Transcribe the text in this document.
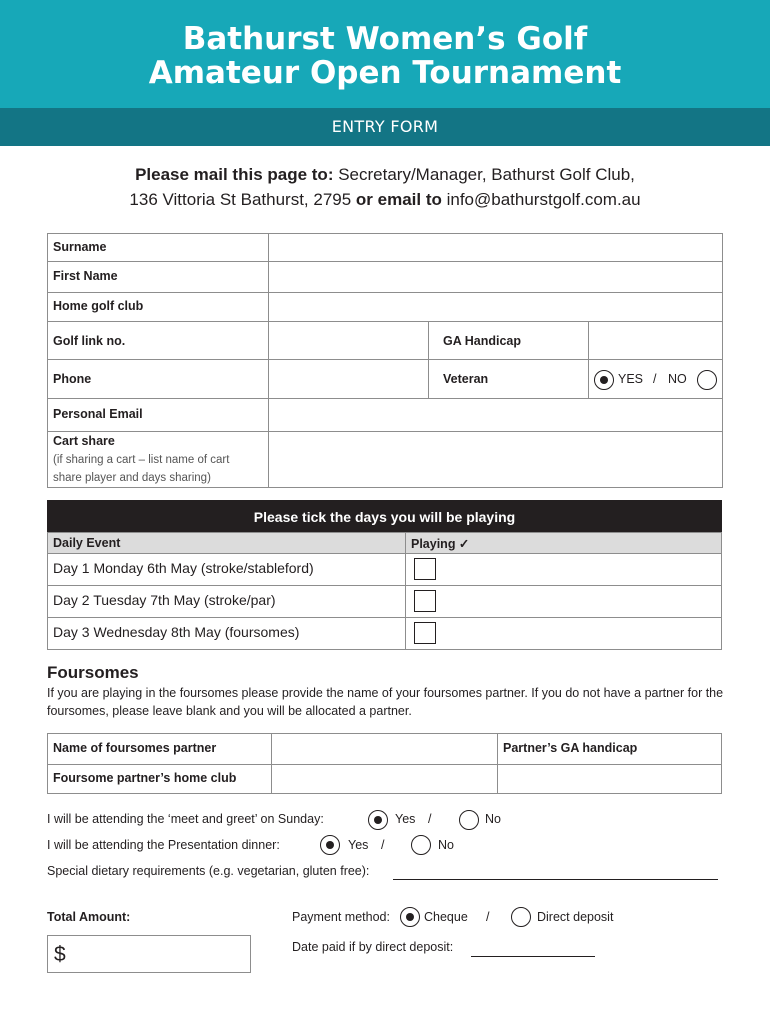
Bathurst Women’s Golf
Amateur Open Tournament
ENTRY FORM
Please mail this page to: Secretary/Manager, Bathurst Golf Club,
136 Vittoria St Bathurst, 2795 or email to info@bathurstgolf.com.au
Surname
First Name
Home golf club
Golf link no.	GA Handicap
Phone	Veteran	YES / NO
Personal Email
Cart share
(if sharing a cart – list name of cart
share player and days sharing)
Please tick the days you will be playing
Daily Event	Playing ✓
Day 1 Monday 6th May (stroke/stableford)
Day 2 Tuesday 7th May (stroke/par)
Day 3 Wednesday 8th May (foursomes)
Foursomes
If you are playing in the foursomes please provide the name of your foursomes partner. If you do not have a partner for the foursomes, please leave blank and you will be allocated a partner.
Name of foursomes partner	Partner’s GA handicap
Foursome partner’s home club
I will be attending the ‘meet and greet’ on Sunday:	Yes /	No
I will be attending the Presentation dinner:	Yes /	No
Special dietary requirements (e.g. vegetarian, gluten free):
Total Amount:
$
Payment method:	Cheque /	Direct deposit
Date paid if by direct deposit:
